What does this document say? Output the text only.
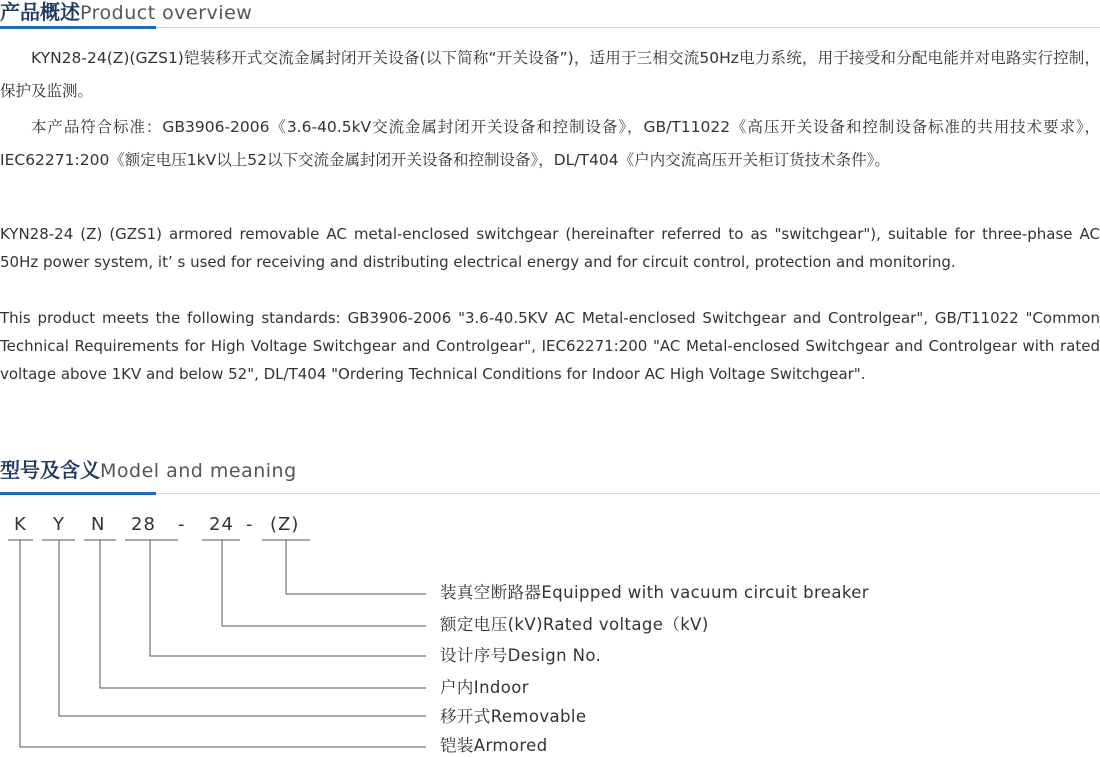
产品概述Product overview
KYN28-24(Z)(GZS1)铠装移开式交流金属封闭开关设备(以下简称“开关设备”)，适用于三相交流50Hz电力系统，用于接受和分配电能并对电路实行控制，保护及监测。
本产品符合标准：GB3906-2006《3.6-40.5kV交流金属封闭开关设备和控制设备》，GB/T11022《高压开关设备和控制设备标准的共用技术要求》，IEC62271:200《额定电压1kV以上52以下交流金属封闭开关设备和控制设备》，DL/T404《户内交流高压开关柜订货技术条件》。
KYN28-24 (Z) (GZS1) armored removable AC metal-enclosed switchgear (hereinafter referred to as "switchgear"), suitable for three-phase AC 50Hz power system, it’ s used for receiving and distributing electrical energy and for circuit control, protection and monitoring.
This product meets the following standards: GB3906-2006 "3.6-40.5KV AC Metal-enclosed Switchgear and Controlgear", GB/T11022 "Common Technical Requirements for High Voltage Switchgear and Controlgear", IEC62271:200 "AC Metal-enclosed Switchgear and Controlgear with rated voltage above 1KV and below 52", DL/T404 "Ordering Technical Conditions for Indoor AC High Voltage Switchgear".
型号及含义Model and meaning
K Y N 28 - 24 - (Z)
装真空断路器Equipped with vacuum circuit breaker
额定电压(kV)Rated voltage（kV)
设计序号Design No.
户内Indoor
移开式Removable
铠装Armored
